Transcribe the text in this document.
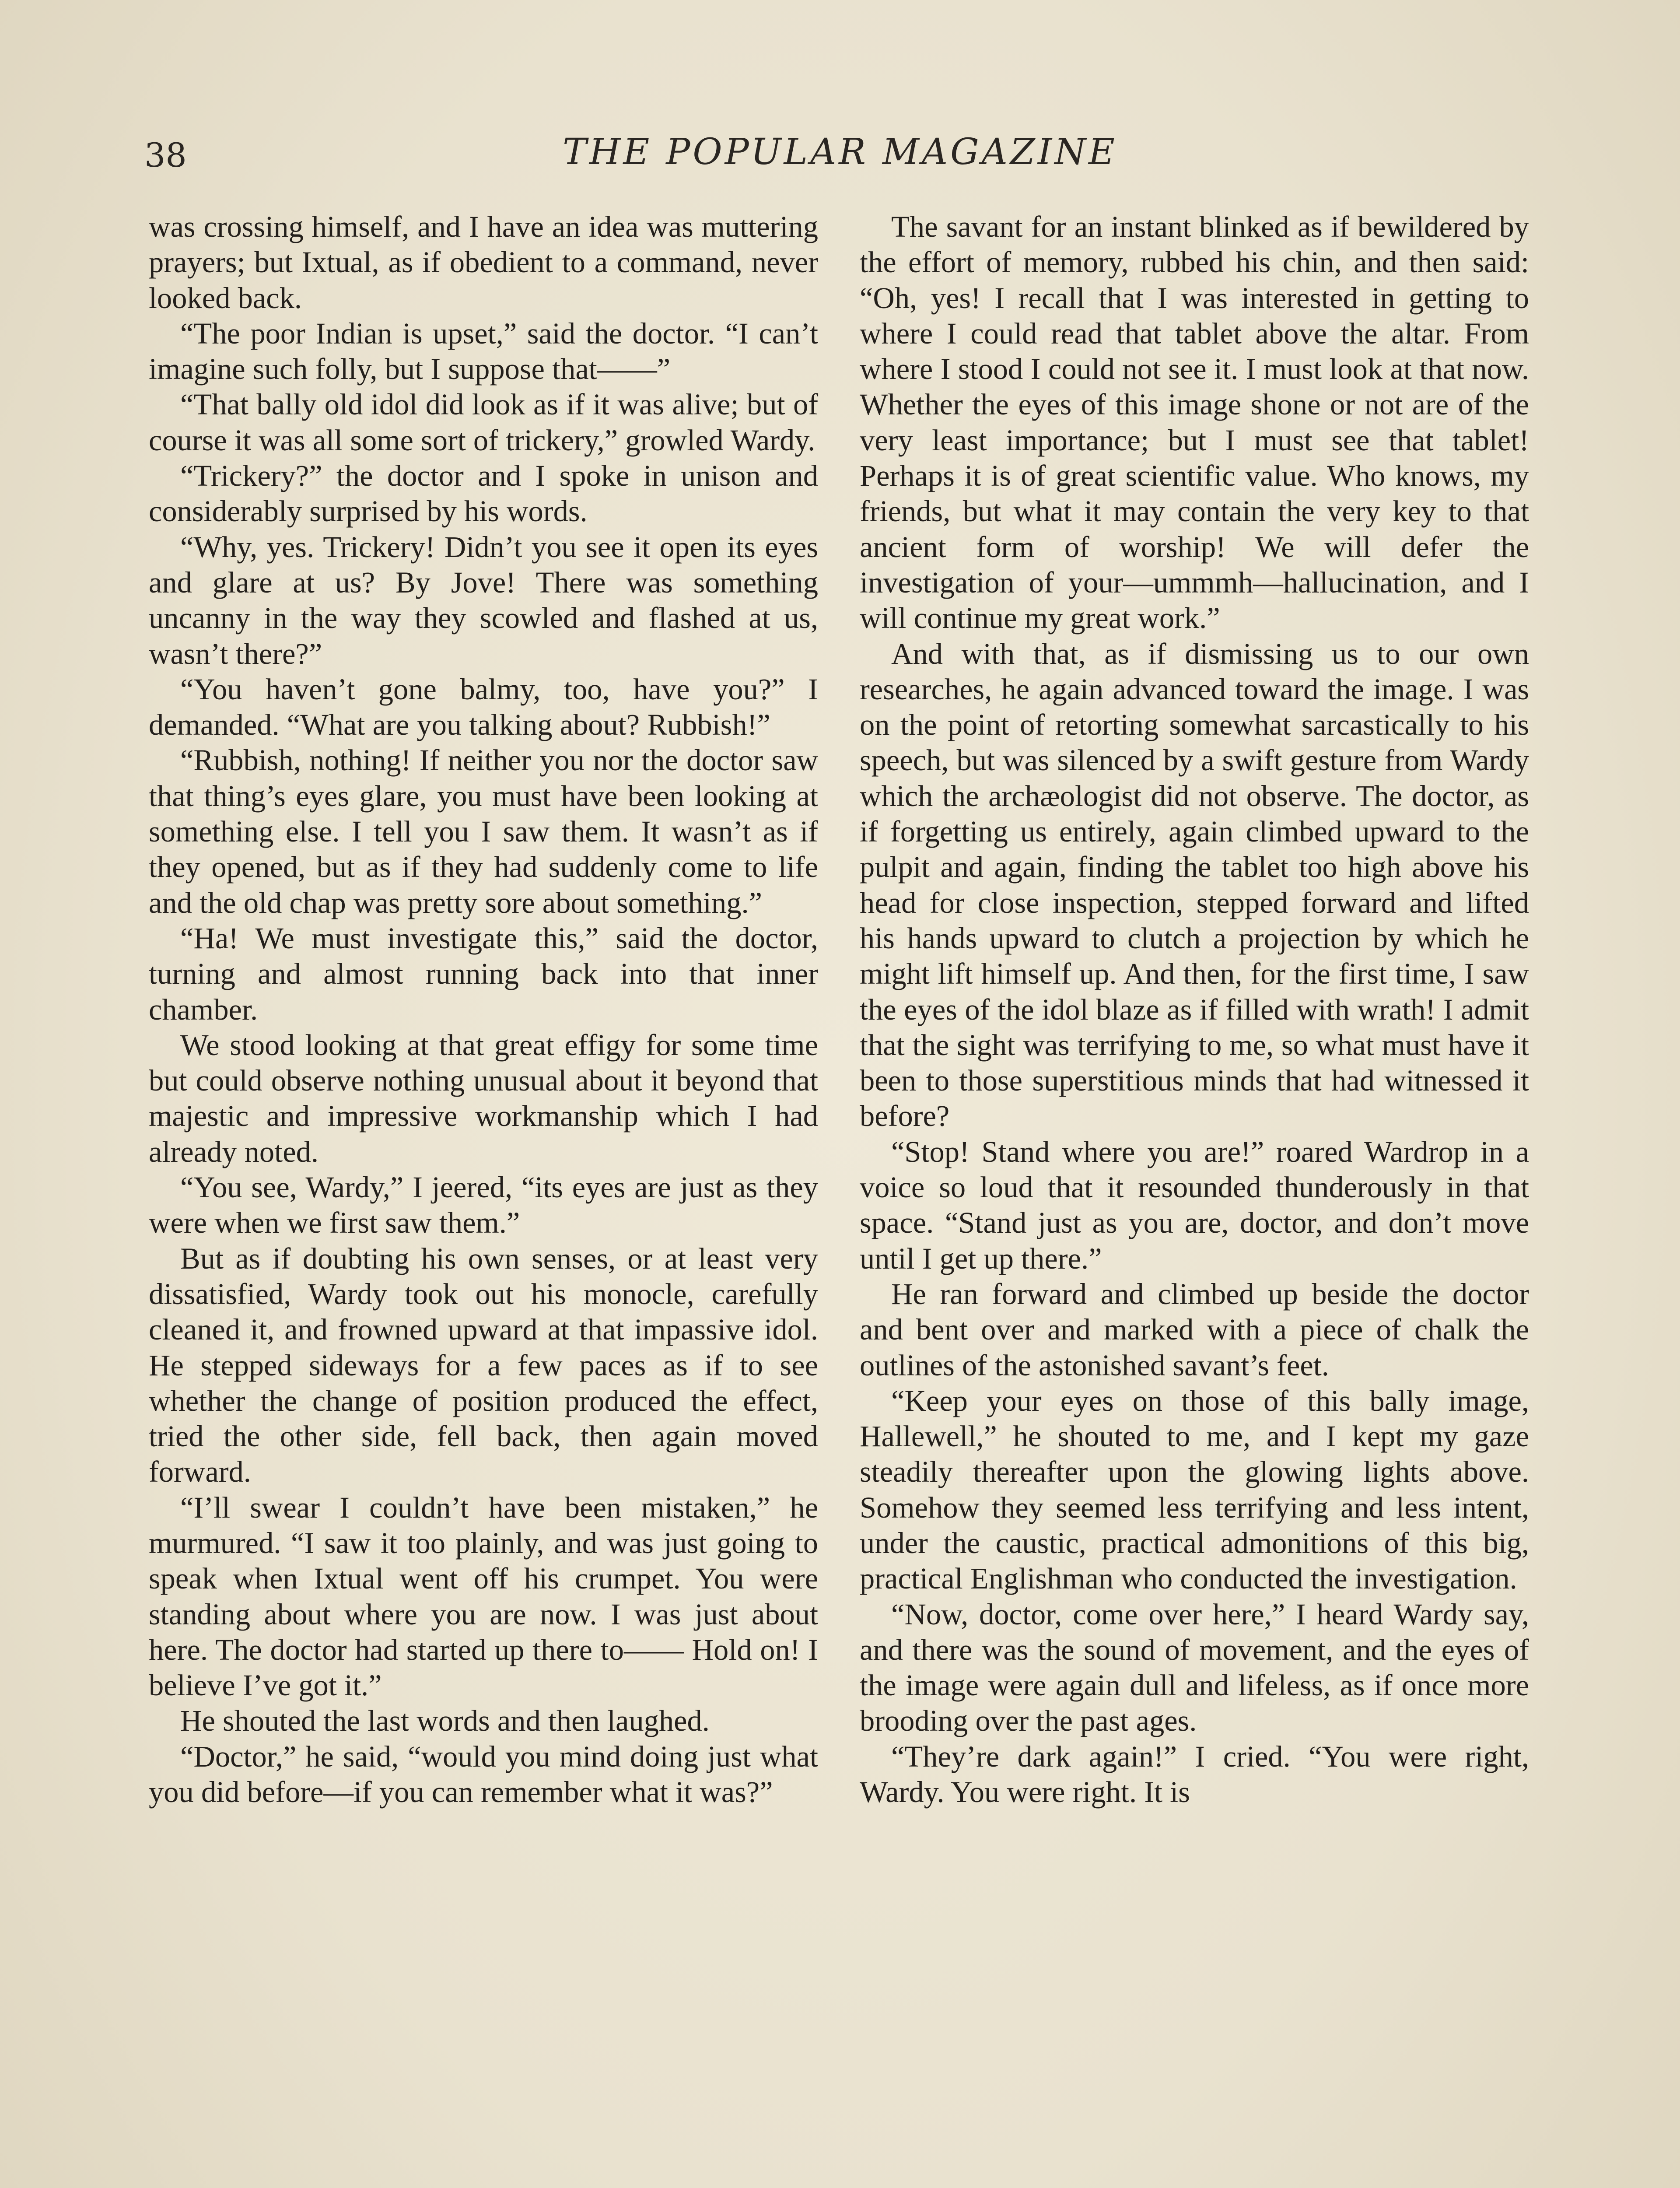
38	THE POPULAR MAGAZINE

was crossing himself, and I have an idea was muttering prayers; but Ixtual, as if obedient to a command, never looked back.

“The poor Indian is upset,” said the doctor. “I can’t imagine such folly, but I suppose that——”

“That bally old idol did look as if it was alive; but of course it was all some sort of trickery,” growled Wardy.

“Trickery?” the doctor and I spoke in unison and considerably surprised by his words.

“Why, yes. Trickery! Didn’t you see it open its eyes and glare at us? By Jove! There was something uncanny in the way they scowled and flashed at us, wasn’t there?”

“You haven’t gone balmy, too, have you?” I demanded. “What are you talking about? Rubbish!”

“Rubbish, nothing! If neither you nor the doctor saw that thing’s eyes glare, you must have been looking at something else. I tell you I saw them. It wasn’t as if they opened, but as if they had suddenly come to life and the old chap was pretty sore about something.”

“Ha! We must investigate this,” said the doctor, turning and almost running back into that inner chamber.

We stood looking at that great effigy for some time but could observe nothing unusual about it beyond that majestic and impressive workmanship which I had already noted.

“You see, Wardy,” I jeered, “its eyes are just as they were when we first saw them.”

But as if doubting his own senses, or at least very dissatisfied, Wardy took out his monocle, carefully cleaned it, and frowned upward at that impassive idol. He stepped sideways for a few paces as if to see whether the change of position produced the effect, tried the other side, fell back, then again moved forward.

“I’ll swear I couldn’t have been mistaken,” he murmured. “I saw it too plainly, and was just going to speak when Ixtual went off his crumpet. You were standing about where you are now. I was just about here. The doctor had started up there to—— Hold on! I believe I’ve got it.”

He shouted the last words and then laughed.

“Doctor,” he said, “would you mind doing just what you did before—if you can remember what it was?”

The savant for an instant blinked as if bewildered by the effort of memory, rubbed his chin, and then said: “Oh, yes! I recall that I was interested in getting to where I could read that tablet above the altar. From where I stood I could not see it. I must look at that now. Whether the eyes of this image shone or not are of the very least importance; but I must see that tablet! Perhaps it is of great scientific value. Who knows, my friends, but what it may contain the very key to that ancient form of worship! We will defer the investigation of your—ummmh—hallucination, and I will continue my great work.”

And with that, as if dismissing us to our own researches, he again advanced toward the image. I was on the point of retorting somewhat sarcastically to his speech, but was silenced by a swift gesture from Wardy which the archæologist did not observe. The doctor, as if forgetting us entirely, again climbed upward to the pulpit and again, finding the tablet too high above his head for close inspection, stepped forward and lifted his hands upward to clutch a projection by which he might lift himself up. And then, for the first time, I saw the eyes of the idol blaze as if filled with wrath! I admit that the sight was terrifying to me, so what must have it been to those superstitious minds that had witnessed it before?

“Stop! Stand where you are!” roared Wardrop in a voice so loud that it resounded thunderously in that space. “Stand just as you are, doctor, and don’t move until I get up there.”

He ran forward and climbed up beside the doctor and bent over and marked with a piece of chalk the outlines of the astonished savant’s feet.

“Keep your eyes on those of this bally image, Hallewell,” he shouted to me, and I kept my gaze steadily thereafter upon the glowing lights above. Somehow they seemed less terrifying and less intent, under the caustic, practical admonitions of this big, practical Englishman who conducted the investigation.

“Now, doctor, come over here,” I heard Wardy say, and there was the sound of movement, and the eyes of the image were again dull and lifeless, as if once more brooding over the past ages.

“They’re dark again!” I cried. “You were right, Wardy. You were right. It is
